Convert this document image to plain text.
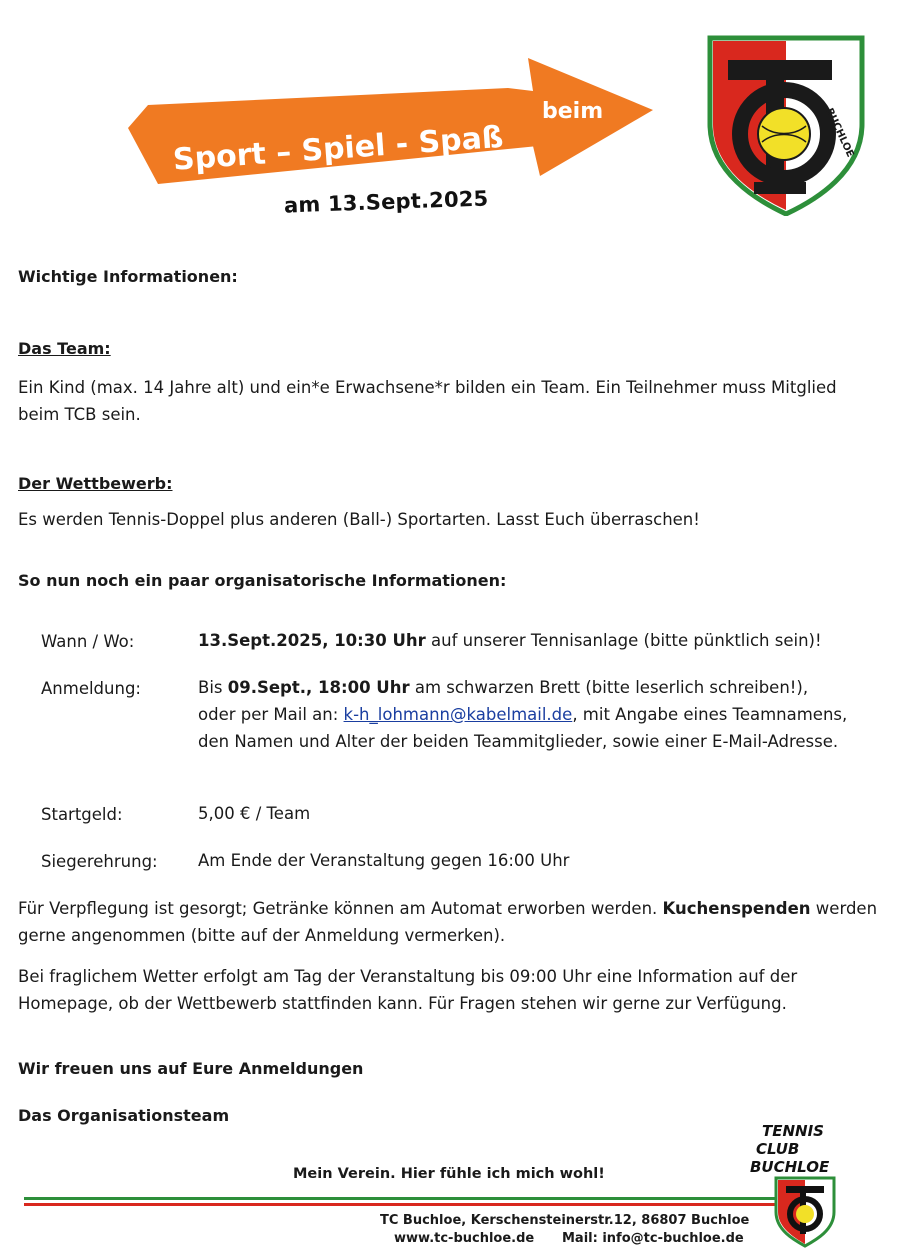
Sport – Spiel - Spaß
beim
am 13.Sept.2025
BUCHLOE
Wichtige Informationen:
Das Team:
Ein Kind (max. 14 Jahre alt) und ein*e Erwachsene*r bilden ein Team. Ein Teilnehmer muss Mitglied beim TCB sein.
Der Wettbewerb:
Es werden Tennis-Doppel plus anderen (Ball-) Sportarten. Lasst Euch überraschen!
So nun noch ein paar organisatorische Informationen:
Wann / Wo:	13.Sept.2025, 10:30 Uhr auf unserer Tennisanlage (bitte pünktlich sein)!
Anmeldung:	Bis 09.Sept., 18:00 Uhr am schwarzen Brett (bitte leserlich schreiben!), oder per Mail an: k-h_lohmann@kabelmail.de, mit Angabe eines Teamnamens, den Namen und Alter der beiden Teammitglieder, sowie einer E-Mail-Adresse.
Startgeld:	5,00 € / Team
Siegerehrung: Am Ende der Veranstaltung gegen 16:00 Uhr
Für Verpflegung ist gesorgt; Getränke können am Automat erworben werden. Kuchenspenden werden gerne angenommen (bitte auf der Anmeldung vermerken).
Bei fraglichem Wetter erfolgt am Tag der Veranstaltung bis 09:00 Uhr eine Information auf der Homepage, ob der Wettbewerb stattfinden kann. Für Fragen stehen wir gerne zur Verfügung.
Wir freuen uns auf Eure Anmeldungen
Das Organisationsteam
Mein Verein. Hier fühle ich mich wohl!
TC Buchloe, Kerschensteinerstr.12, 86807 Buchloe
www.tc-buchloe.de Mail: info@tc-buchloe.de
TENNIS
CLUB
BUCHLOE
